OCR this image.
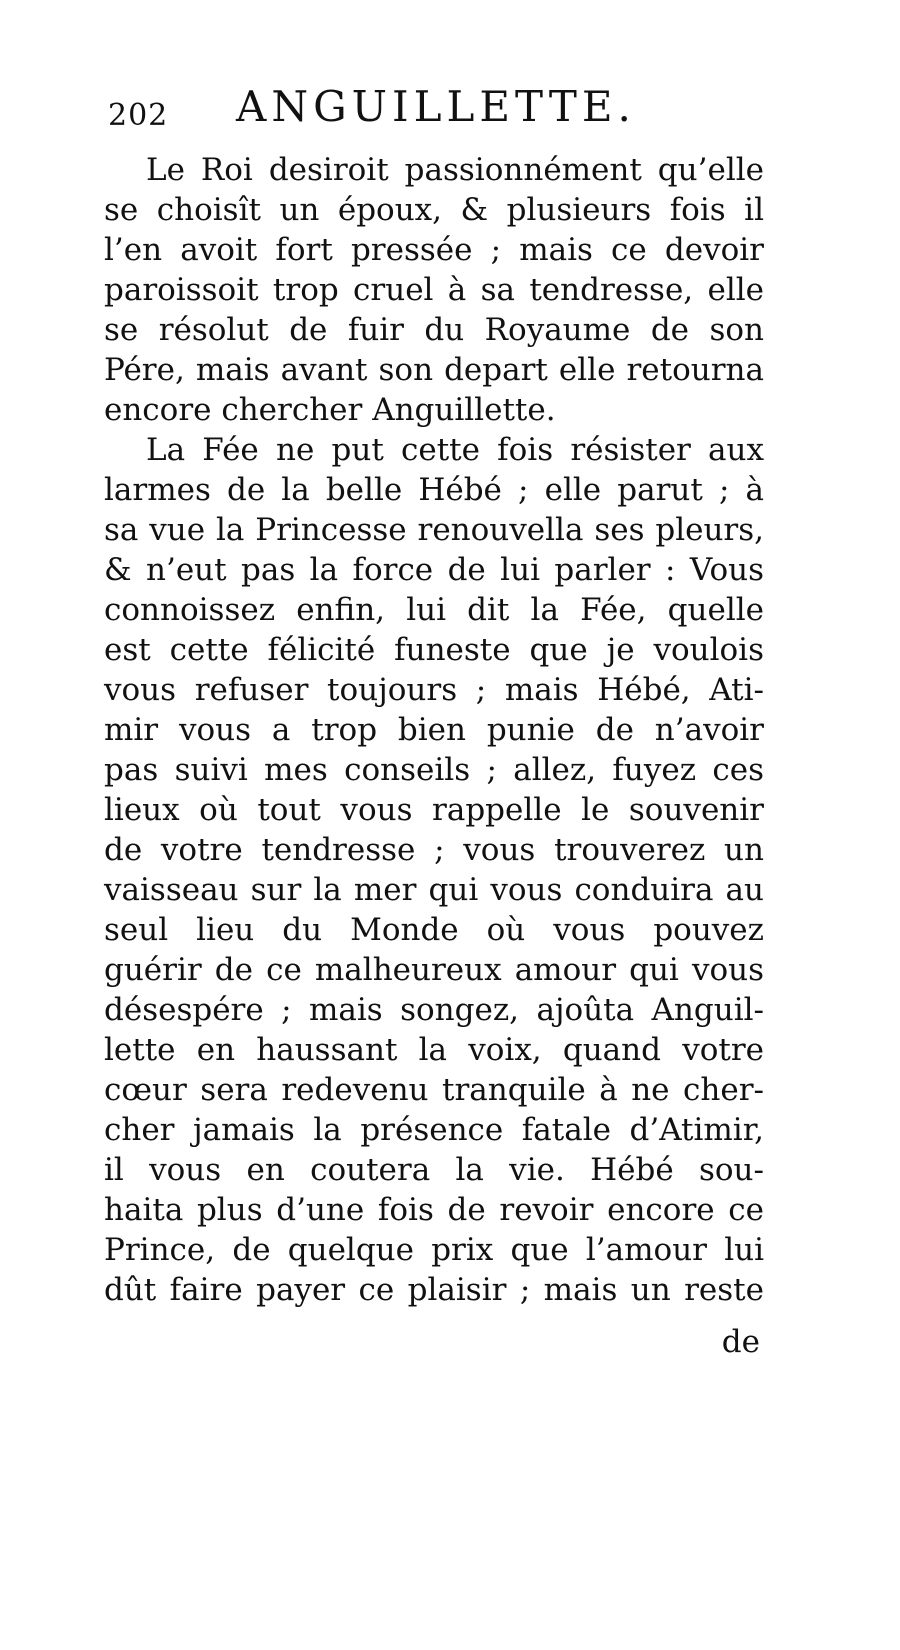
202 ANGUILLETTE.
Le Roi desiroit passionnément qu’elle
se choisît un époux, & plusieurs fois il
l’en avoit fort pressée ; mais ce devoir
paroissoit trop cruel à sa tendresse, elle
se résolut de fuir du Royaume de son
Pére, mais avant son depart elle retourna
encore chercher Anguillette.
La Fée ne put cette fois résister aux
larmes de la belle Hébé ; elle parut ; à
sa vue la Princesse renouvella ses pleurs,
& n’eut pas la force de lui parler : Vous
connoissez enfin, lui dit la Fée, quelle
est cette félicité funeste que je voulois
vous refuser toujours ; mais Hébé, Ati-
mir vous a trop bien punie de n’avoir
pas suivi mes conseils ; allez, fuyez ces
lieux où tout vous rappelle le souvenir
de votre tendresse ; vous trouverez un
vaisseau sur la mer qui vous conduira au
seul lieu du Monde où vous pouvez
guérir de ce malheureux amour qui vous
désespére ; mais songez, ajoûta Anguil-
lette en haussant la voix, quand votre
cœur sera redevenu tranquile à ne cher-
cher jamais la présence fatale d’Atimir,
il vous en coutera la vie. Hébé sou-
haita plus d’une fois de revoir encore ce
Prince, de quelque prix que l’amour lui
dût faire payer ce plaisir ; mais un reste
de
